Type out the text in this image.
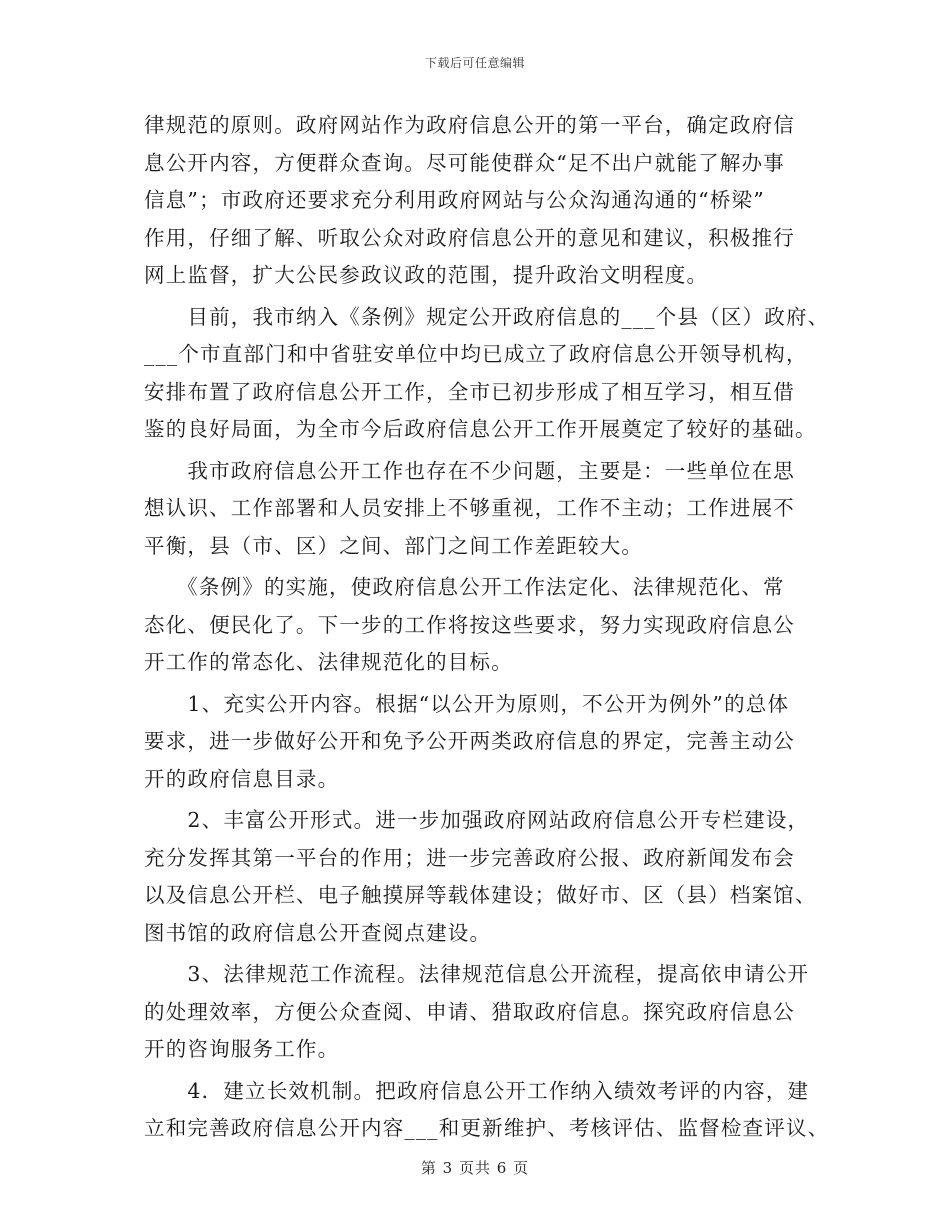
下载后可任意编辑

律规范的原则。政府网站作为政府信息公开的第一平台，确定政府信
息公开内容，方便群众查询。尽可能使群众“足不出户就能了解办事
信息”；市政府还要求充分利用政府网站与公众沟通沟通的“桥梁”
作用，仔细了解、听取公众对政府信息公开的意见和建议，积极推行
网上监督，扩大公民参政议政的范围，提升政治文明程度。

　　目前，我市纳入《条例》规定公开政府信息的___个县（区）政府、
___个市直部门和中省驻安单位中均已成立了政府信息公开领导机构，
安排布置了政府信息公开工作，全市已初步形成了相互学习，相互借
鉴的良好局面，为全市今后政府信息公开工作开展奠定了较好的基础。

　　我市政府信息公开工作也存在不少问题，主要是：一些单位在思
想认识、工作部署和人员安排上不够重视，工作不主动；工作进展不
平衡，县（市、区）之间、部门之间工作差距较大。

　　《条例》的实施，使政府信息公开工作法定化、法律规范化、常
态化、便民化了。下一步的工作将按这些要求，努力实现政府信息公
开工作的常态化、法律规范化的目标。

　　1、充实公开内容。根据“以公开为原则，不公开为例外”的总体
要求，进一步做好公开和免予公开两类政府信息的界定，完善主动公
开的政府信息目录。

　　2、丰富公开形式。进一步加强政府网站政府信息公开专栏建设，
充分发挥其第一平台的作用；进一步完善政府公报、政府新闻发布会
以及信息公开栏、电子触摸屏等载体建设；做好市、区（县）档案馆、
图书馆的政府信息公开查阅点建设。

　　3、法律规范工作流程。法律规范信息公开流程，提高依申请公开
的处理效率，方便公众查阅、申请、猎取政府信息。探究政府信息公
开的咨询服务工作。

　　4．建立长效机制。把政府信息公开工作纳入绩效考评的内容，建
立和完善政府信息公开内容___和更新维护、考核评估、监督检查评议、

第 3 页共 6 页
